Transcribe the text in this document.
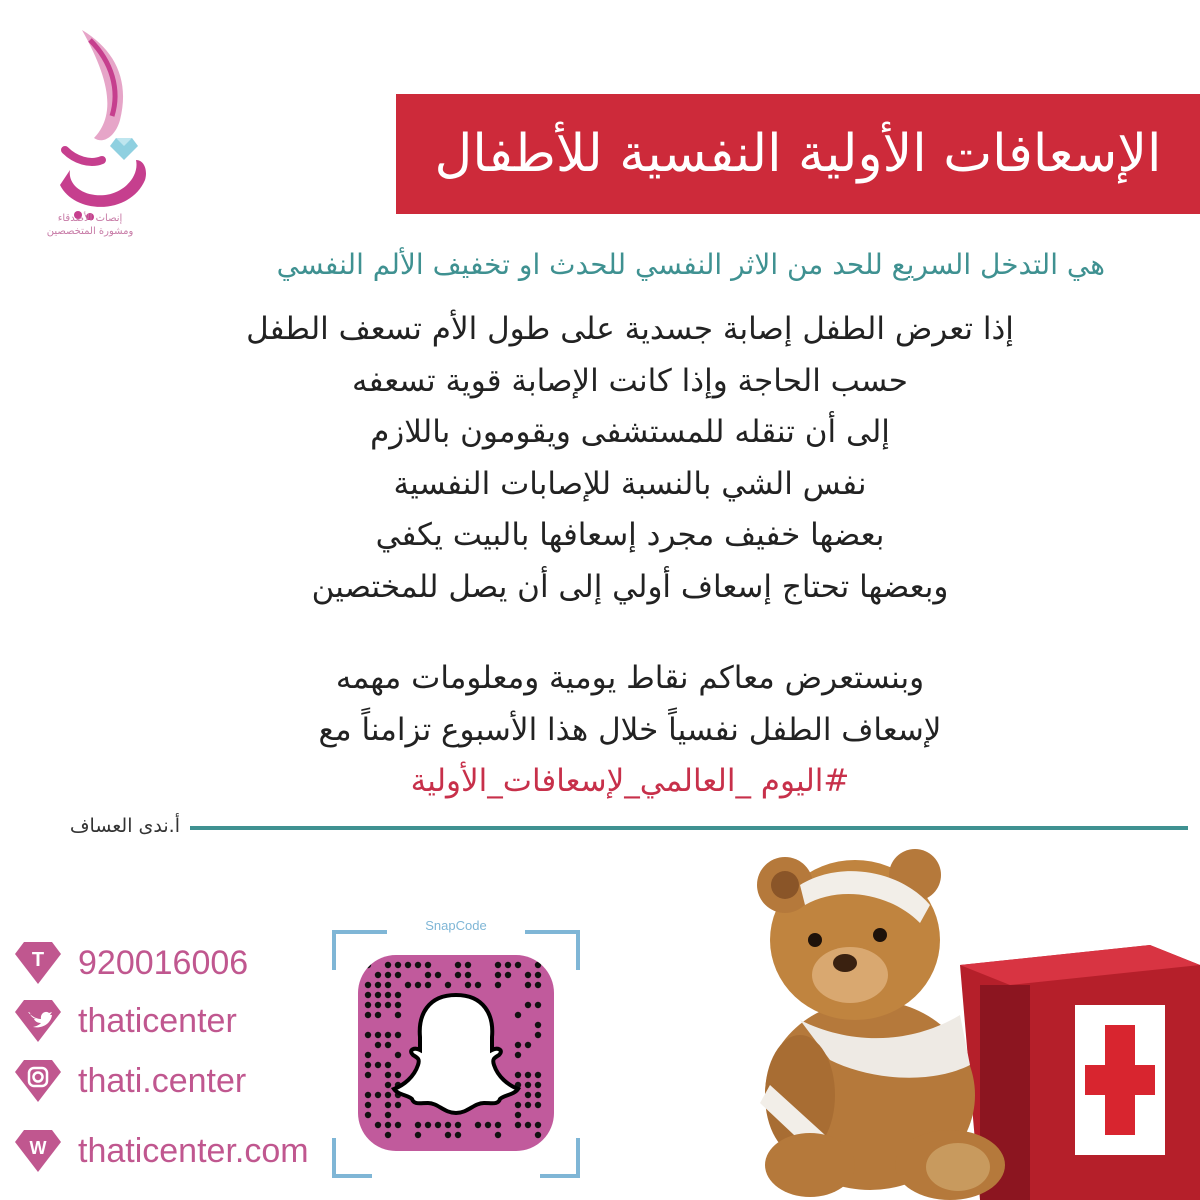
إنصات الأصدقاء
ومشورة المتخصصين
الإسعافات الأولية النفسية للأطفال
هي التدخل السريع للحد من الاثر النفسي للحدث او تخفيف الألم النفسي
إذا تعرض الطفل إصابة جسدية على طول الأم تسعف الطفل
حسب الحاجة وإذا كانت الإصابة قوية تسعفه
إلى أن تنقله للمستشفى ويقومون باللازم
نفس الشي بالنسبة للإصابات النفسية
بعضها خفيف مجرد إسعافها بالبيت يكفي
وبعضها تحتاج إسعاف أولي إلى أن يصل للمختصين
وبنستعرض معاكم نقاط يومية ومعلومات مهمه
لإسعاف الطفل نفسياً خلال هذا الأسبوع تزامناً مع
#اليوم _العالمي_لإسعافات_الأولية
أ.ندى العساف
T 920016006
thaticenter
thati.center
W thaticenter.com
SnapCode
